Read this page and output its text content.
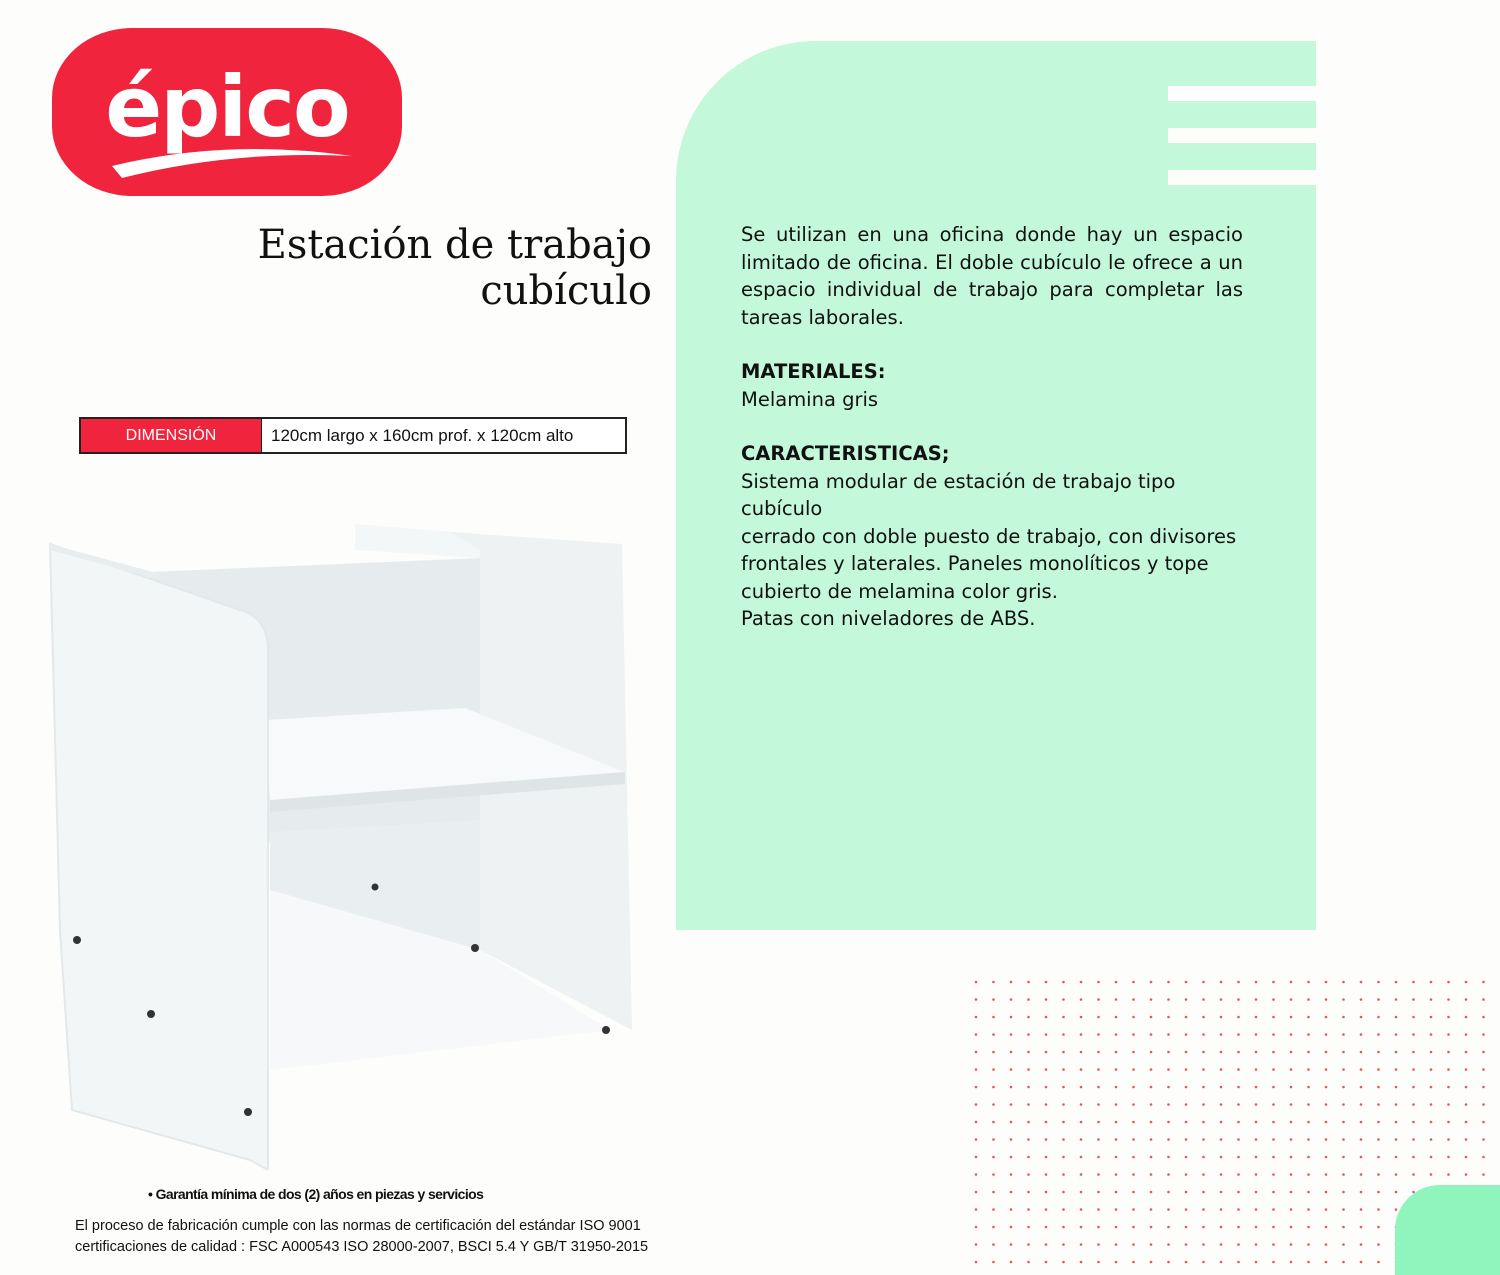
épico
Estación de trabajo
cubículo
DIMENSIÓN	120cm largo x 160cm prof. x 120cm alto

Se utilizan en una oficina donde hay un espacio limitado de oficina. El doble cubículo le ofrece a un espacio individual de trabajo para completar las tareas laborales.

MATERIALES:

Melamina gris

CARACTERISTICAS;

Sistema modular de estación de trabajo tipo cubículo

cerrado con doble puesto de trabajo, con divisores

frontales y laterales. Paneles monolíticos y tope

cubierto de melamina color gris.

Patas con niveladores de ABS.

• Garantía mínima de dos (2) años en piezas y servicios
El proceso de fabricación cumple con las normas de certificación del estándar ISO 9001
certificaciones de calidad : FSC A000543 ISO 28000-2007, BSCI 5.4 Y GB/T 31950-2015
